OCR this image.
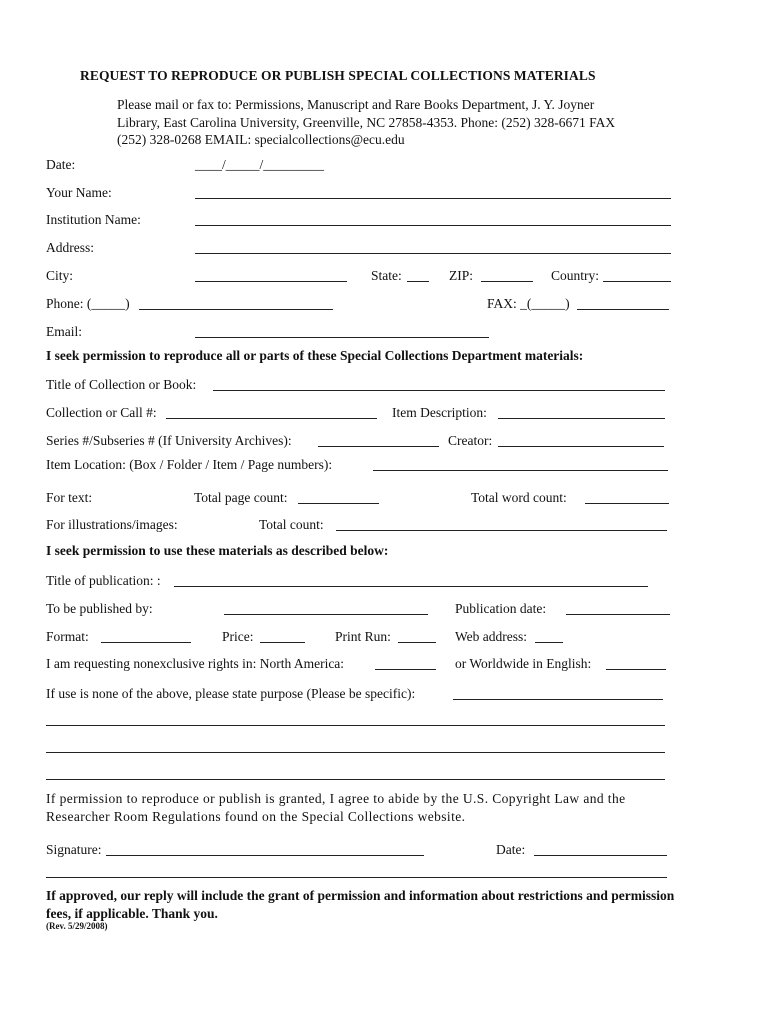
REQUEST TO REPRODUCE OR PUBLISH SPECIAL COLLECTIONS MATERIALS
Please mail or fax to: Permissions, Manuscript and Rare Books Department, J. Y. Joyner Library, East Carolina University, Greenville, NC 27858-4353. Phone: (252) 328-6671 FAX (252) 328-0268 EMAIL: specialcollections@ecu.edu
Date:	____/_____/_________
Your Name:
Institution Name:
Address:
City:	State:	ZIP:	Country:
Phone: (_____)	FAX: _(_____)
Email:
I seek permission to reproduce all or parts of these Special Collections Department materials:
Title of Collection or Book:
Collection or Call #:	Item Description:
Series #/Subseries # (If University Archives):	Creator:
Item Location: (Box / Folder / Item / Page numbers):
For text:	Total page count:	Total word count:
For illustrations/images:	Total count:
I seek permission to use these materials as described below:
Title of publication: :
To be published by:	Publication date:
Format:	Price:	Print Run:	Web address:
I am requesting nonexclusive rights in: North America:	or Worldwide in English:
If use is none of the above, please state purpose (Please be specific):
If permission to reproduce or publish is granted, I agree to abide by the U.S. Copyright Law and the Researcher Room Regulations found on the Special Collections website.
Signature:	Date:
If approved, our reply will include the grant of permission and information about restrictions and permission fees, if applicable. Thank you.
(Rev. 5/29/2008)
